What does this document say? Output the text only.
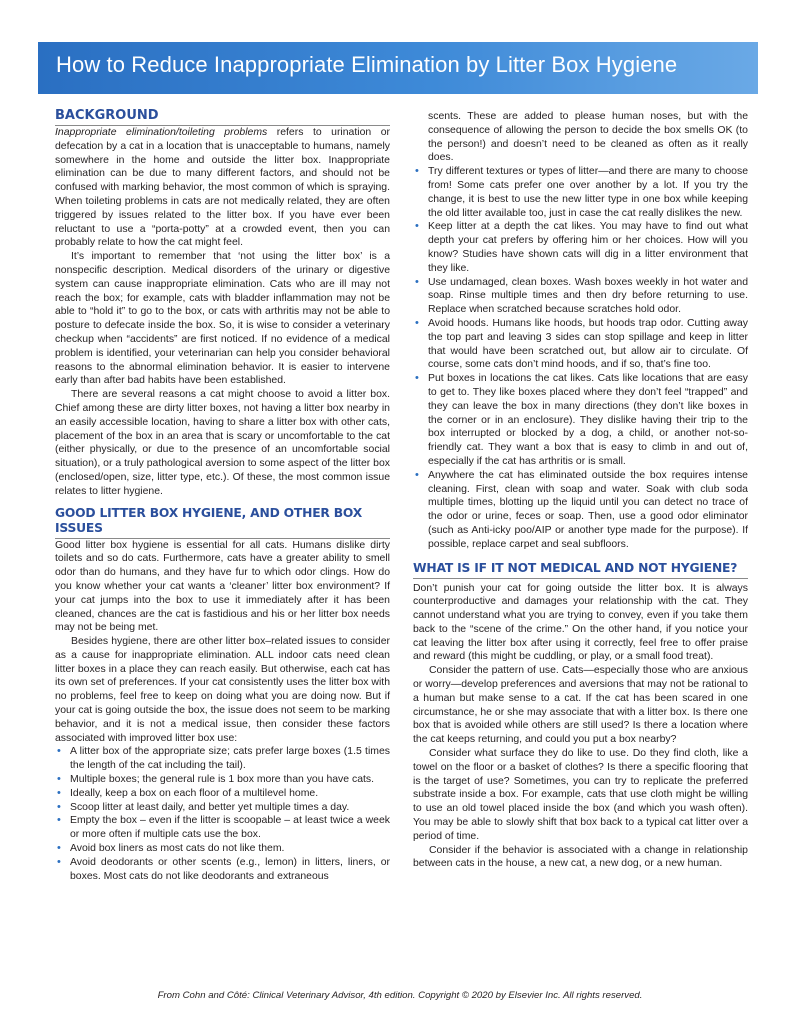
How to Reduce Inappropriate Elimination by Litter Box Hygiene
BACKGROUND

Inappropriate elimination/toileting problems refers to urination or defecation by a cat in a location that is unacceptable to humans, namely somewhere in the home and outside the litter box. Inappropriate elimination can be due to many different factors, and should not be confused with marking behavior, the most common of which is spraying. When toileting problems in cats are not medically related, they are often triggered by issues related to the litter box. If you have ever been reluctant to use a “porta-potty” at a crowded event, then you can probably relate to how the cat might feel.

It’s important to remember that ‘not using the litter box’ is a nonspecific description. Medical disorders of the urinary or digestive system can cause inappropriate elimination. Cats who are ill may not reach the box; for example, cats with bladder inflammation may not be able to “hold it” to go to the box, or cats with arthritis may not be able to posture to defecate inside the box. So, it is wise to consider a veterinary checkup when “accidents” are first noticed. If no evidence of a medical problem is identified, your veterinarian can help you consider behavioral reasons to the abnormal elimination behavior. It is easier to intervene early than after bad habits have been established.

There are several reasons a cat might choose to avoid a litter box. Chief among these are dirty litter boxes, not having a litter box nearby in an easily accessible location, having to share a litter box with other cats, placement of the box in an area that is scary or uncomfortable to the cat (either physically, or due to the presence of an uncomfortable social situation), or a truly pathological aversion to some aspect of the litter box (enclosed/open, size, litter type, etc.). Of these, the most common issue relates to litter hygiene.

GOOD LITTER BOX HYGIENE, AND OTHER BOX ISSUES

Good litter box hygiene is essential for all cats. Humans dislike dirty toilets and so do cats. Furthermore, cats have a greater ability to smell odor than do humans, and they have fur to which odor clings. How do you know whether your cat wants a ‘cleaner’ litter box environment? If your cat jumps into the box to use it immediately after it has been cleaned, chances are the cat is fastidious and his or her litter box needs may not be being met.

Besides hygiene, there are other litter box–related issues to consider as a cause for inappropriate elimination. ALL indoor cats need clean litter boxes in a place they can reach easily. But otherwise, each cat has its own set of preferences. If your cat consistently uses the litter box with no problems, feel free to keep on doing what you are doing now. But if your cat is going outside the box, the issue does not seem to be marking behavior, and it is not a medical issue, then consider these factors associated with improved litter box use:

• A litter box of the appropriate size; cats prefer large boxes (1.5 times the length of the cat including the tail).
• Multiple boxes; the general rule is 1 box more than you have cats.
• Ideally, keep a box on each floor of a multilevel home.
• Scoop litter at least daily, and better yet multiple times a day.
• Empty the box – even if the litter is scoopable – at least twice a week or more often if multiple cats use the box.
• Avoid box liners as most cats do not like them.
• Avoid deodorants or other scents (e.g., lemon) in litters, liners, or boxes. Most cats do not like deodorants and extraneous

scents. These are added to please human noses, but with the consequence of allowing the person to decide the box smells OK (to the person!) and doesn’t need to be cleaned as often as it really does.

• Try different textures or types of litter—and there are many to choose from! Some cats prefer one over another by a lot. If you try the change, it is best to use the new litter type in one box while keeping the old litter available too, just in case the cat really dislikes the new.
• Keep litter at a depth the cat likes. You may have to find out what depth your cat prefers by offering him or her choices. How will you know? Studies have shown cats will dig in a litter environment that they like.
• Use undamaged, clean boxes. Wash boxes weekly in hot water and soap. Rinse multiple times and then dry before returning to use. Replace when scratched because scratches hold odor.
• Avoid hoods. Humans like hoods, but hoods trap odor. Cutting away the top part and leaving 3 sides can stop spillage and keep in litter that would have been scratched out, but allow air to circulate. Of course, some cats don’t mind hoods, and if so, that’s fine too.
• Put boxes in locations the cat likes. Cats like locations that are easy to get to. They like boxes placed where they don’t feel “trapped” and they can leave the box in many directions (they don’t like boxes in the corner or in an enclosure). They dislike having their trip to the box interrupted or blocked by a dog, a child, or another not-so-friendly cat. They want a box that is easy to climb in and out of, especially if the cat has arthritis or is small.
• Anywhere the cat has eliminated outside the box requires intense cleaning. First, clean with soap and water. Soak with club soda multiple times, blotting up the liquid until you can detect no trace of the odor or urine, feces or soap. Then, use a good odor eliminator (such as Anti-icky poo/AIP or another type made for the purpose). If possible, replace carpet and seal subfloors.
WHAT IS IF IT NOT MEDICAL AND NOT HYGIENE?

Don’t punish your cat for going outside the litter box. It is always counterproductive and damages your relationship with the cat. They cannot understand what you are trying to convey, even if you take them back to the “scene of the crime.” On the other hand, if you notice your cat leaving the litter box after using it correctly, feel free to offer praise and reward (this might be cuddling, or play, or a small food treat).

Consider the pattern of use. Cats—especially those who are anxious or worry—develop preferences and aversions that may not be rational to a human but make sense to a cat. If the cat has been scared in one circumstance, he or she may associate that with a litter box. Is there one box that is avoided while others are still used? Is there a location where the cat keeps returning, and could you put a box nearby?

Consider what surface they do like to use. Do they find cloth, like a towel on the floor or a basket of clothes? Is there a specific flooring that is the target of use? Sometimes, you can try to replicate the preferred substrate inside a box. For example, cats that use cloth might be willing to use an old towel placed inside the box (and which you wash often). You may be able to slowly shift that box back to a typical cat litter over a period of time.

Consider if the behavior is associated with a change in relationship between cats in the house, a new cat, a new dog, or a new human.

From Cohn and Côté: Clinical Veterinary Advisor, 4th edition. Copyright © 2020 by Elsevier Inc. All rights reserved.
